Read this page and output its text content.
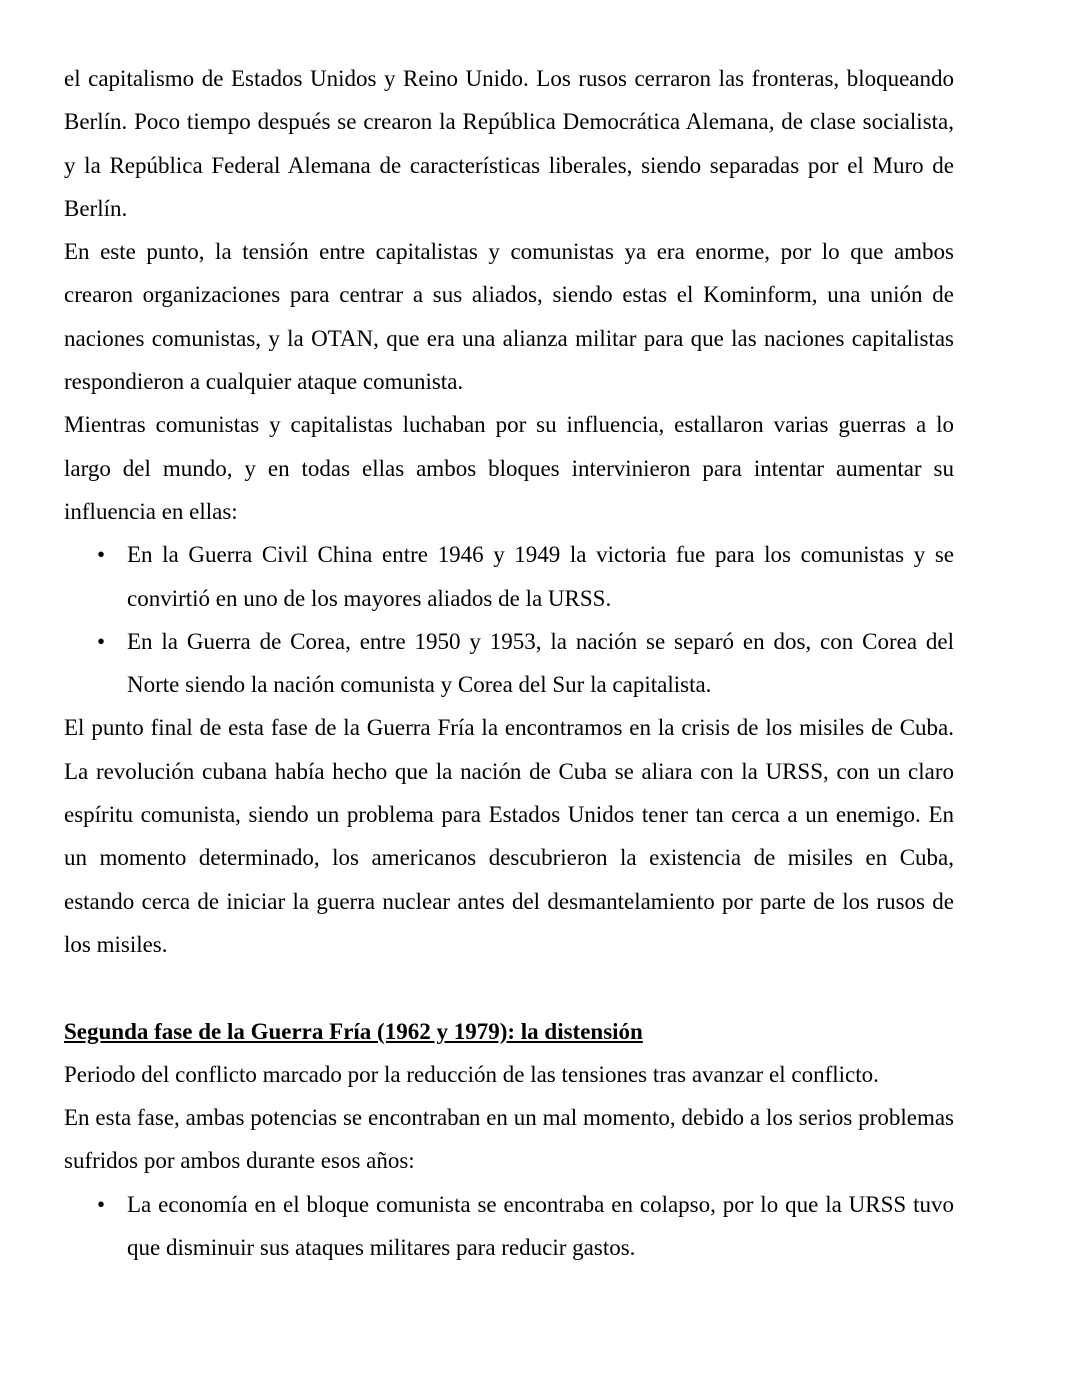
el capitalismo de Estados Unidos y Reino Unido. Los rusos cerraron las fronteras, bloqueando Berlín. Poco tiempo después se crearon la República Democrática Alemana, de clase socialista, y la República Federal Alemana de características liberales, siendo separadas por el Muro de Berlín.

En este punto, la tensión entre capitalistas y comunistas ya era enorme, por lo que ambos crearon organizaciones para centrar a sus aliados, siendo estas el Kominform, una unión de naciones comunistas, y la OTAN, que era una alianza militar para que las naciones capitalistas respondieron a cualquier ataque comunista.

Mientras comunistas y capitalistas luchaban por su influencia, estallaron varias guerras a lo largo del mundo, y en todas ellas ambos bloques intervinieron para intentar aumentar su influencia en ellas:

• En la Guerra Civil China entre 1946 y 1949 la victoria fue para los comunistas y se convirtió en uno de los mayores aliados de la URSS.
• En la Guerra de Corea, entre 1950 y 1953, la nación se separó en dos, con Corea del Norte siendo la nación comunista y Corea del Sur la capitalista.

El punto final de esta fase de la Guerra Fría la encontramos en la crisis de los misiles de Cuba. La revolución cubana había hecho que la nación de Cuba se aliara con la URSS, con un claro espíritu comunista, siendo un problema para Estados Unidos tener tan cerca a un enemigo. En un momento determinado, los americanos descubrieron la existencia de misiles en Cuba, estando cerca de iniciar la guerra nuclear antes del desmantelamiento por parte de los rusos de los misiles.

Segunda fase de la Guerra Fría (1962 y 1979): la distensión

Periodo del conflicto marcado por la reducción de las tensiones tras avanzar el conflicto.

En esta fase, ambas potencias se encontraban en un mal momento, debido a los serios problemas sufridos por ambos durante esos años:

• La economía en el bloque comunista se encontraba en colapso, por lo que la URSS tuvo que disminuir sus ataques militares para reducir gastos.
